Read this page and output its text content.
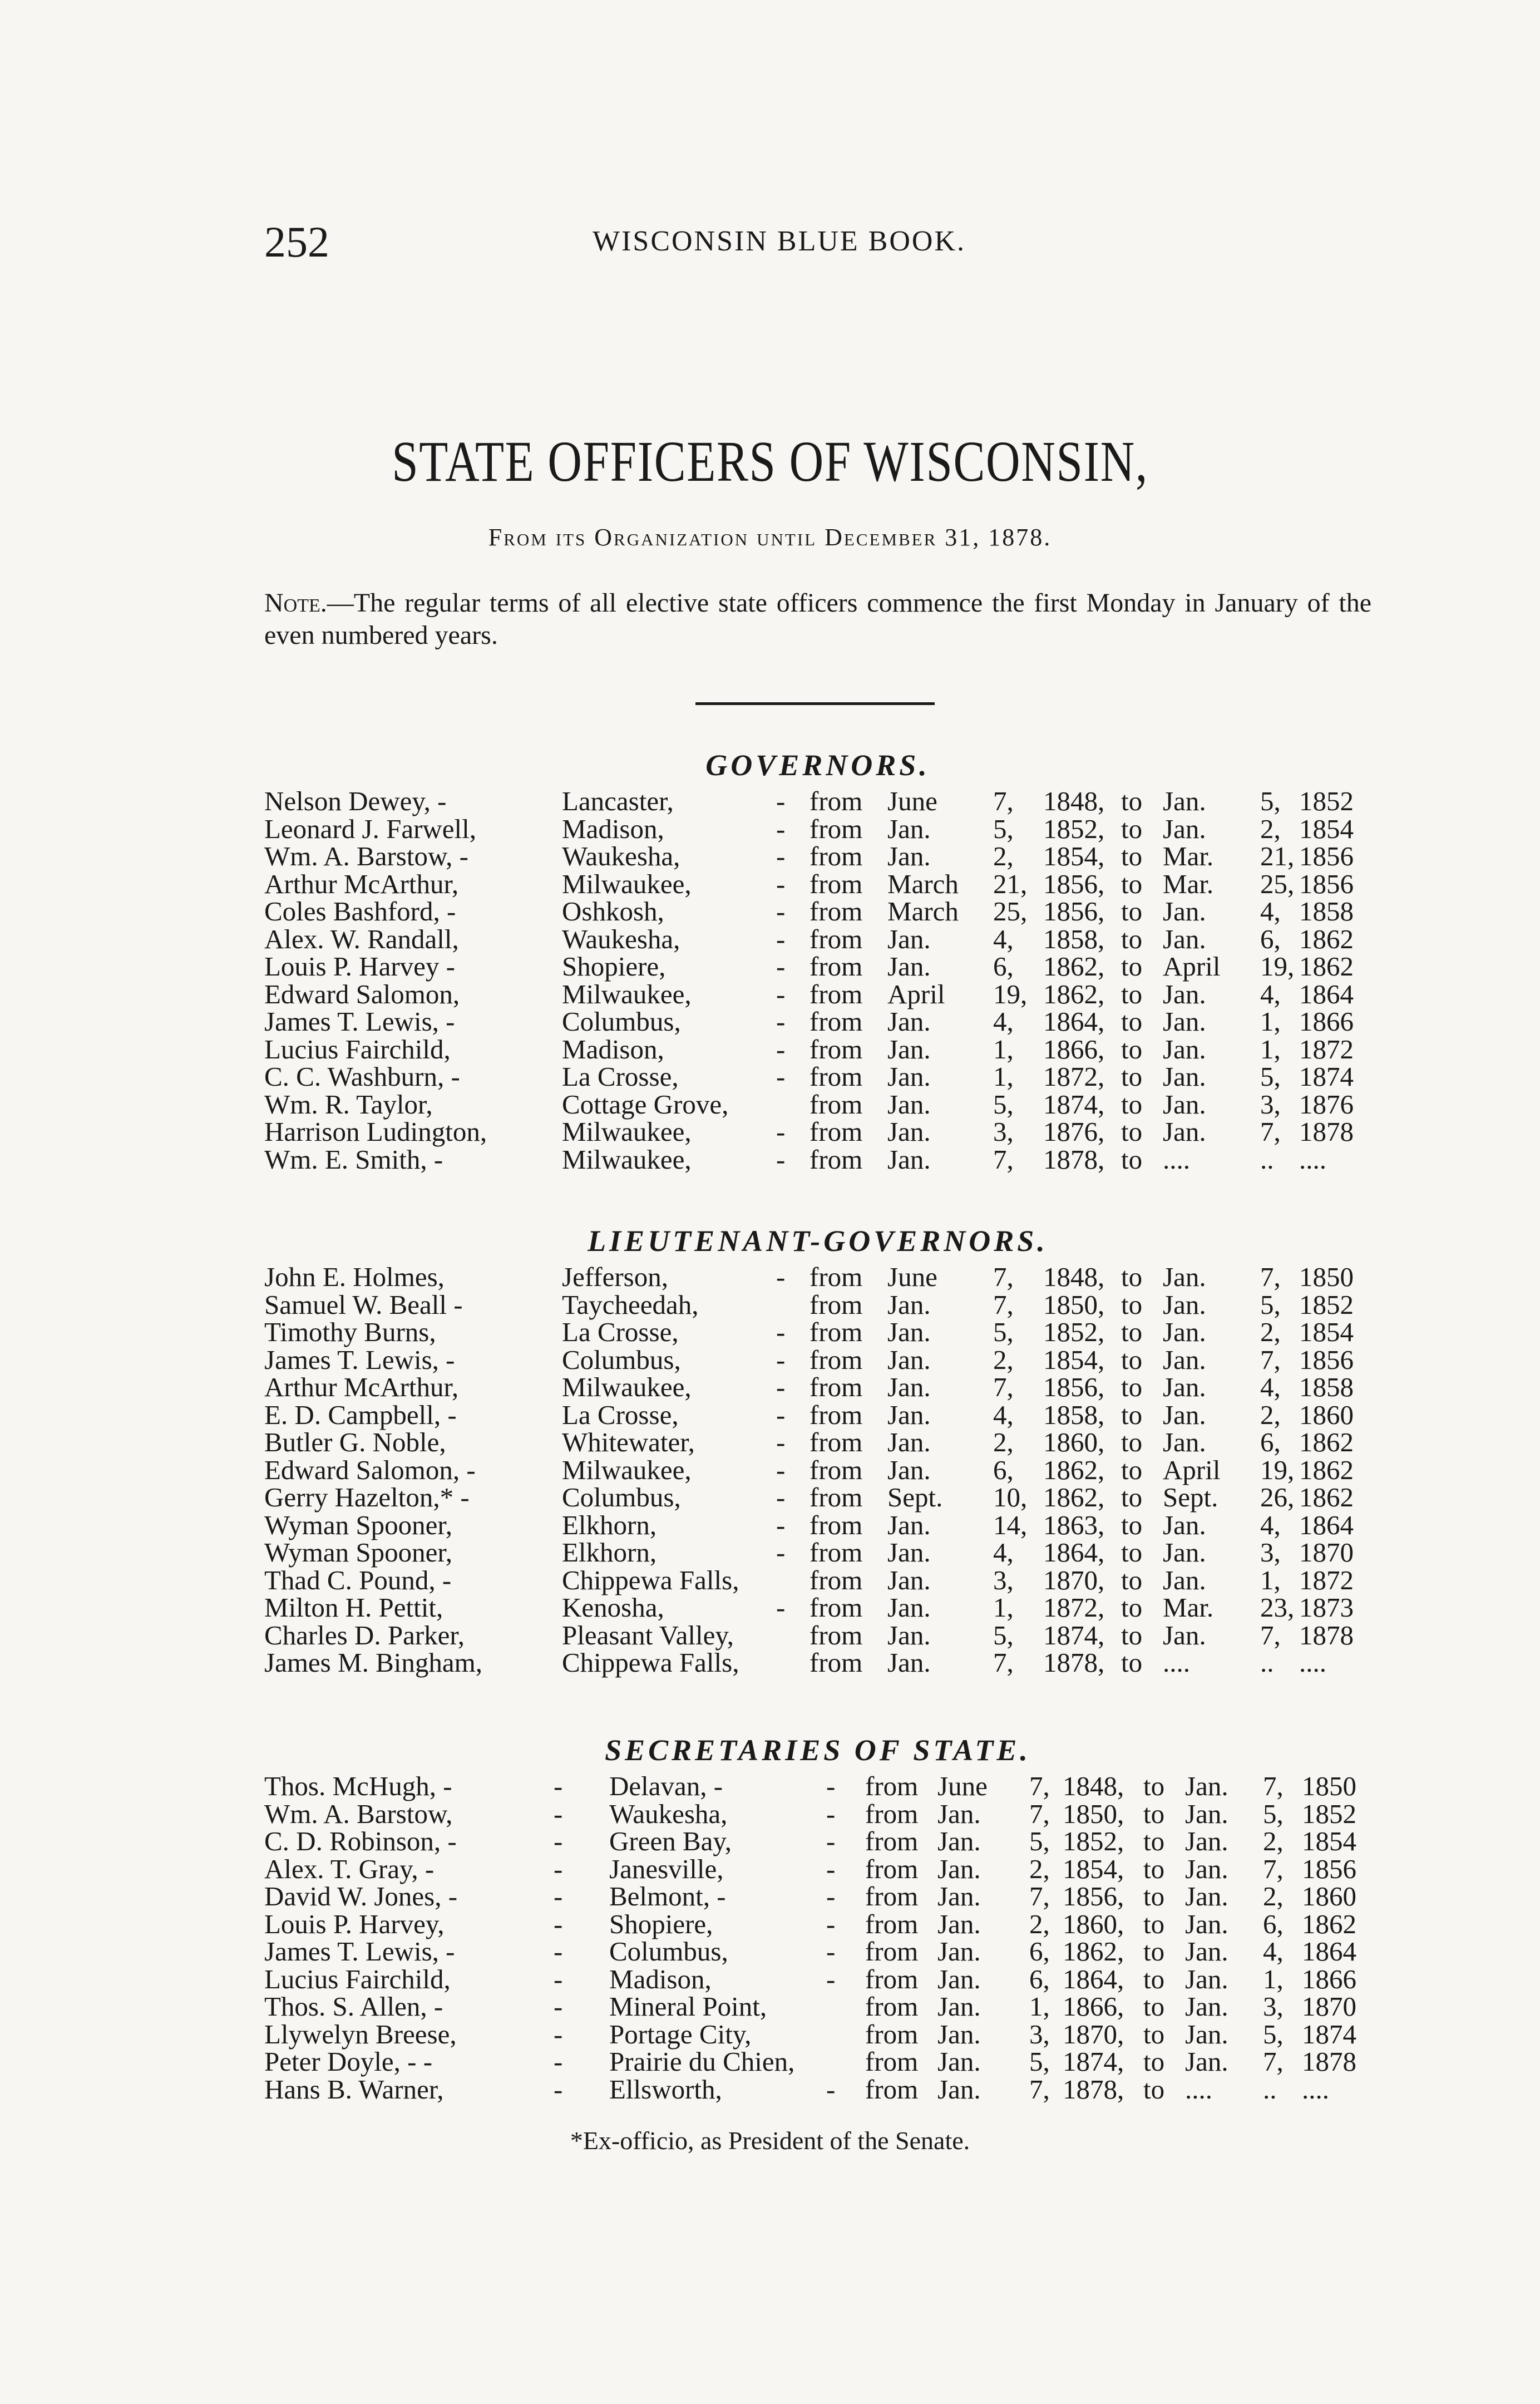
252	WISCONSIN BLUE BOOK.
STATE OFFICERS OF WISCONSIN,
From its Organization until December 31, 1878.
Note.—The regular terms of all elective state officers commence the first Monday in January of the even numbered years.
GOVERNORS.
Nelson Dewey, -	Lancaster,	- from June 7, 1848, to Jan. 5, 1852
Leonard J. Farwell,	Madison,	- from Jan. 5, 1852, to Jan. 2, 1854
Wm. A. Barstow, -	Waukesha,	- from Jan. 2, 1854, to Mar. 21, 1856
Arthur McArthur,	Milwaukee,	- from March 21, 1856, to Mar. 25, 1856
Coles Bashford, -	Oshkosh,	- from March 25, 1856, to Jan. 4, 1858
Alex. W. Randall,	Waukesha,	- from Jan. 4, 1858, to Jan. 6, 1862
Louis P. Harvey -	Shopiere,	- from Jan. 6, 1862, to April 19, 1862
Edward Salomon,	Milwaukee,	- from April 19, 1862, to Jan. 4, 1864
James T. Lewis, -	Columbus,	- from Jan. 4, 1864, to Jan. 1, 1866
Lucius Fairchild,	Madison,	- from Jan. 1, 1866, to Jan. 1, 1872
C. C. Washburn, -	La Crosse,	- from Jan. 1, 1872, to Jan. 5, 1874
Wm. R. Taylor,	Cottage Grove,	from Jan. 5, 1874, to Jan. 3, 1876
Harrison Ludington,	Milwaukee,	- from Jan. 3, 1876, to Jan. 7, 1878
Wm. E. Smith, -	Milwaukee,	- from Jan. 7, 1878, to ....	.. ....
LIEUTENANT-GOVERNORS.
John E. Holmes,	Jefferson,	- from June 7, 1848, to Jan. 7, 1850
Samuel W. Beall -	Taycheedah,	from Jan. 7, 1850, to Jan. 5, 1852
Timothy Burns,	La Crosse,	- from Jan. 5, 1852, to Jan. 2, 1854
James T. Lewis, -	Columbus,	- from Jan. 2, 1854, to Jan. 7, 1856
Arthur McArthur,	Milwaukee,	- from Jan. 7, 1856, to Jan. 4, 1858
E. D. Campbell, -	La Crosse,	- from Jan. 4, 1858, to Jan. 2, 1860
Butler G. Noble,	Whitewater,	- from Jan. 2, 1860, to Jan. 6, 1862
Edward Salomon, -	Milwaukee,	- from Jan. 6, 1862, to April 19, 1862
Gerry Hazelton,* -	Columbus,	- from Sept. 10, 1862, to Sept. 26, 1862
Wyman Spooner,	Elkhorn,	- from Jan. 14, 1863, to Jan. 4, 1864
Wyman Spooner,	Elkhorn,	- from Jan. 4, 1864, to Jan. 3, 1870
Thad C. Pound, -	Chippewa Falls,	from Jan. 3, 1870, to Jan. 1, 1872
Milton H. Pettit,	Kenosha,	- from Jan. 1, 1872, to Mar. 23, 1873
Charles D. Parker,	Pleasant Valley,	from Jan. 5, 1874, to Jan. 7, 1878
James M. Bingham,	Chippewa Falls,	from Jan. 7, 1878, to ....	.. ....
SECRETARIES OF STATE.
Thos. McHugh, -	- Delavan, -	- from June 7, 1848, to Jan. 7, 1850
Wm. A. Barstow,	- Waukesha,	- from Jan. 7, 1850, to Jan. 5, 1852
C. D. Robinson, -	- Green Bay,	- from Jan. 5, 1852, to Jan. 2, 1854
Alex. T. Gray, -	- Janesville,	- from Jan. 2, 1854, to Jan. 7, 1856
David W. Jones, -	- Belmont, -	- from Jan. 7, 1856, to Jan. 2, 1860
Louis P. Harvey,	- Shopiere,	- from Jan. 2, 1860, to Jan. 6, 1862
James T. Lewis, -	- Columbus,	- from Jan. 6, 1862, to Jan. 4, 1864
Lucius Fairchild,	- Madison,	- from Jan. 6, 1864, to Jan. 1, 1866
Thos. S. Allen, -	- Mineral Point,	from Jan. 1, 1866, to Jan. 3, 1870
Llywelyn Breese,	- Portage City,	from Jan. 3, 1870, to Jan. 5, 1874
Peter Doyle, - -	- Prairie du Chien,	from Jan. 5, 1874, to Jan. 7, 1878
Hans B. Warner,	- Ellsworth,	- from Jan. 7, 1878, to .... .. ....
*Ex-officio, as President of the Senate.
